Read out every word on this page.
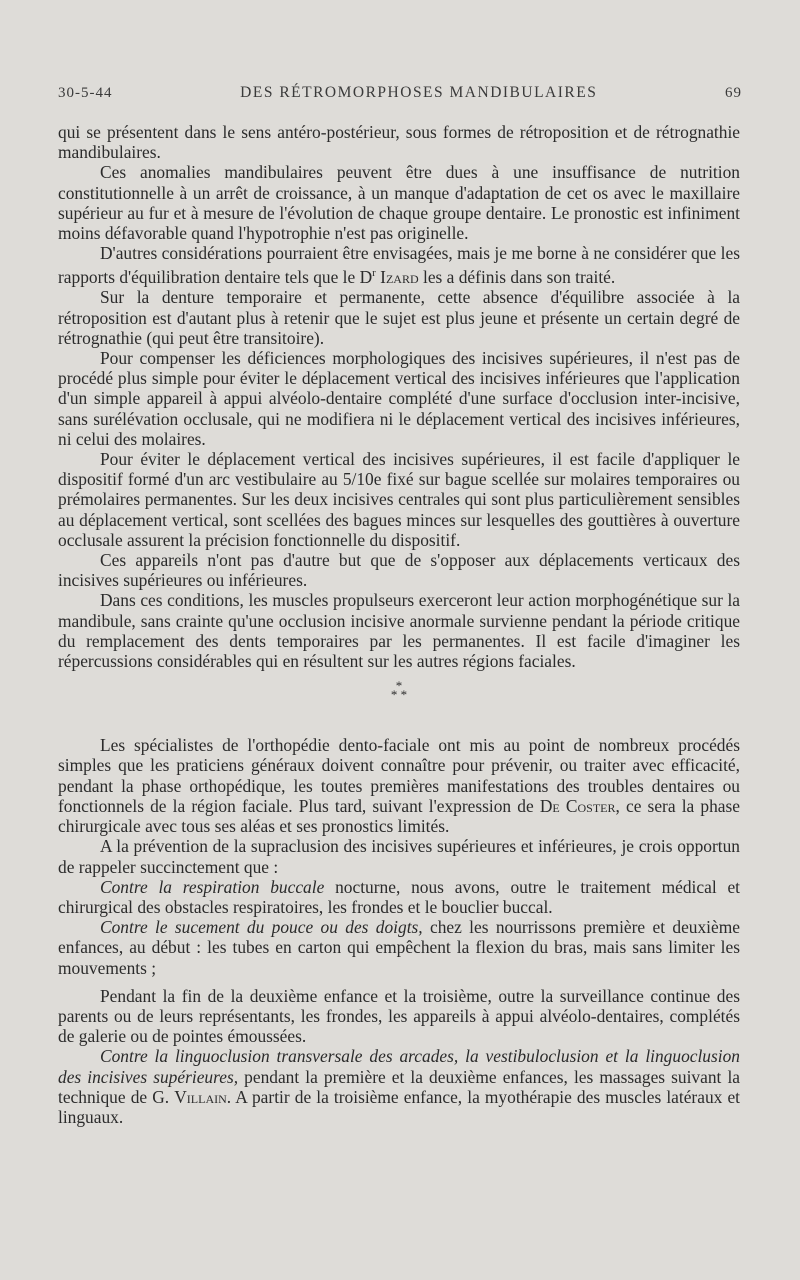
30-5-44	DES RÉTROMORPHOSES MANDIBULAIRES	69

qui se présentent dans le sens antéro-postérieur, sous formes de rétroposition et de rétrognathie mandibulaires.

Ces anomalies mandibulaires peuvent être dues à une insuffisance de nutrition constitutionnelle à un arrêt de croissance, à un manque d'adaptation de cet os avec le maxillaire supérieur au fur et à mesure de l'évolution de chaque groupe dentaire. Le pronostic est infiniment moins défavorable quand l'hypotrophie n'est pas originelle.

D'autres considérations pourraient être envisagées, mais je me borne à ne considérer que les rapports d'équilibration dentaire tels que le $D^r$ Izard les a définis dans son traité.

Sur la denture temporaire et permanente, cette absence d'équilibre associée à la rétroposition est d'autant plus à retenir que le sujet est plus jeune et présente un certain degré de rétrognathie (qui peut être transitoire).

Pour compenser les déficiences morphologiques des incisives supérieures, il n'est pas de procédé plus simple pour éviter le déplacement vertical des incisives inférieures que l'application d'un simple appareil à appui alvéolo-dentaire complété d'une surface d'occlusion inter-incisive, sans surélévation occlusale, qui ne modifiera ni le déplacement vertical des incisives inférieures, ni celui des molaires.

Pour éviter le déplacement vertical des incisives supérieures, il est facile d'appliquer le dispositif formé d'un arc vestibulaire au 5/10e fixé sur bague scellée sur molaires temporaires ou prémolaires permanentes. Sur les deux incisives centrales qui sont plus particulièrement sensibles au déplacement vertical, sont scellées des bagues minces sur lesquelles des gouttières à ouverture occlusale assurent la précision fonctionnelle du dispositif.

Ces appareils n'ont pas d'autre but que de s'opposer aux déplacements verticaux des incisives supérieures ou inférieures.

Dans ces conditions, les muscles propulseurs exerceront leur action morphogénétique sur la mandibule, sans crainte qu'une occlusion incisive anormale survienne pendant la période critique du remplacement des dents temporaires par les permanentes. Il est facile d'imaginer les répercussions considérables qui en résultent sur les autres régions faciales.

*
* *

Les spécialistes de l'orthopédie dento-faciale ont mis au point de nombreux procédés simples que les praticiens généraux doivent connaître pour prévenir, ou traiter avec efficacité, pendant la phase orthopédique, les toutes premières manifestations des troubles dentaires ou fonctionnels de la région faciale. Plus tard, suivant l'expression de De Coster, ce sera la phase chirurgicale avec tous ses aléas et ses pronostics limités.

A la prévention de la supraclusion des incisives supérieures et inférieures, je crois opportun de rappeler succinctement que :

Contre la respiration buccale nocturne, nous avons, outre le traitement médical et chirurgical des obstacles respiratoires, les frondes et le bouclier buccal.

Contre le sucement du pouce ou des doigts, chez les nourrissons première et deuxième enfances, au début : les tubes en carton qui empêchent la flexion du bras, mais sans limiter les mouvements ;

Pendant la fin de la deuxième enfance et la troisième, outre la surveillance continue des parents ou de leurs représentants, les frondes, les appareils à appui alvéolo-dentaires, complétés de galerie ou de pointes émoussées.

Contre la linguoclusion transversale des arcades, la vestibuloclusion et la linguoclusion des incisives supérieures, pendant la première et la deuxième enfances, les massages suivant la technique de G. Villain. A partir de la troisième enfance, la myothérapie des muscles latéraux et linguaux.
